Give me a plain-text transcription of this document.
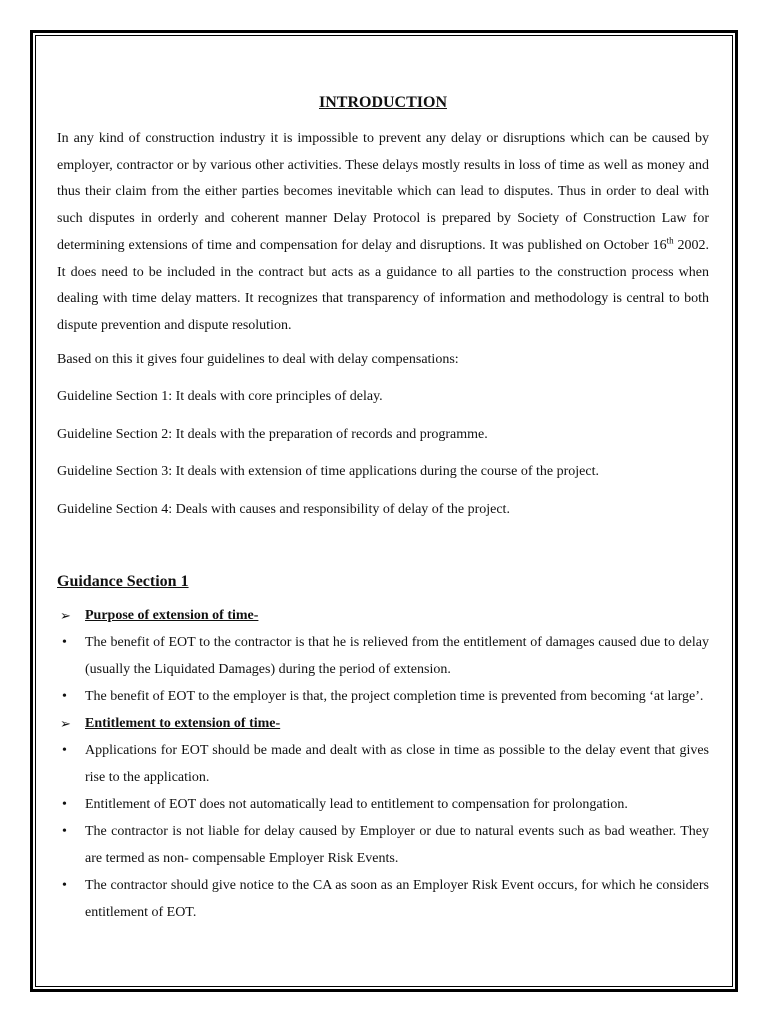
INTRODUCTION

In any kind of construction industry it is impossible to prevent any delay or disruptions which can be caused by employer, contractor or by various other activities. These delays mostly results in loss of time as well as money and thus their claim from the either parties becomes inevitable which can lead to disputes. Thus in order to deal with such disputes in orderly and coherent manner Delay Protocol is prepared by Society of Construction Law for determining extensions of time and compensation for delay and disruptions. It was published on October 16th 2002. It does need to be included in the contract but acts as a guidance to all parties to the construction process when dealing with time delay matters. It recognizes that transparency of information and methodology is central to both dispute prevention and dispute resolution.

Based on this it gives four guidelines to deal with delay compensations:

Guideline Section 1: It deals with core principles of delay.

Guideline Section 2: It deals with the preparation of records and programme.

Guideline Section 3: It deals with extension of time applications during the course of the project.

Guideline Section 4: Deals with causes and responsibility of delay of the project.

Guidance Section 1
➢	Purpose of extension of time-
•	The benefit of EOT to the contractor is that he is relieved from the entitlement of damages caused due to delay (usually the Liquidated Damages) during the period of extension.
•	The benefit of EOT to the employer is that, the project completion time is prevented from becoming ‘at large’.
➢	Entitlement to extension of time-
•	Applications for EOT should be made and dealt with as close in time as possible to the delay event that gives rise to the application.
•	Entitlement of EOT does not automatically lead to entitlement to compensation for prolongation.
•	The contractor is not liable for delay caused by Employer or due to natural events such as bad weather. They are termed as non- compensable Employer Risk Events.
•	The contractor should give notice to the CA as soon as an Employer Risk Event occurs, for which he considers entitlement of EOT.
